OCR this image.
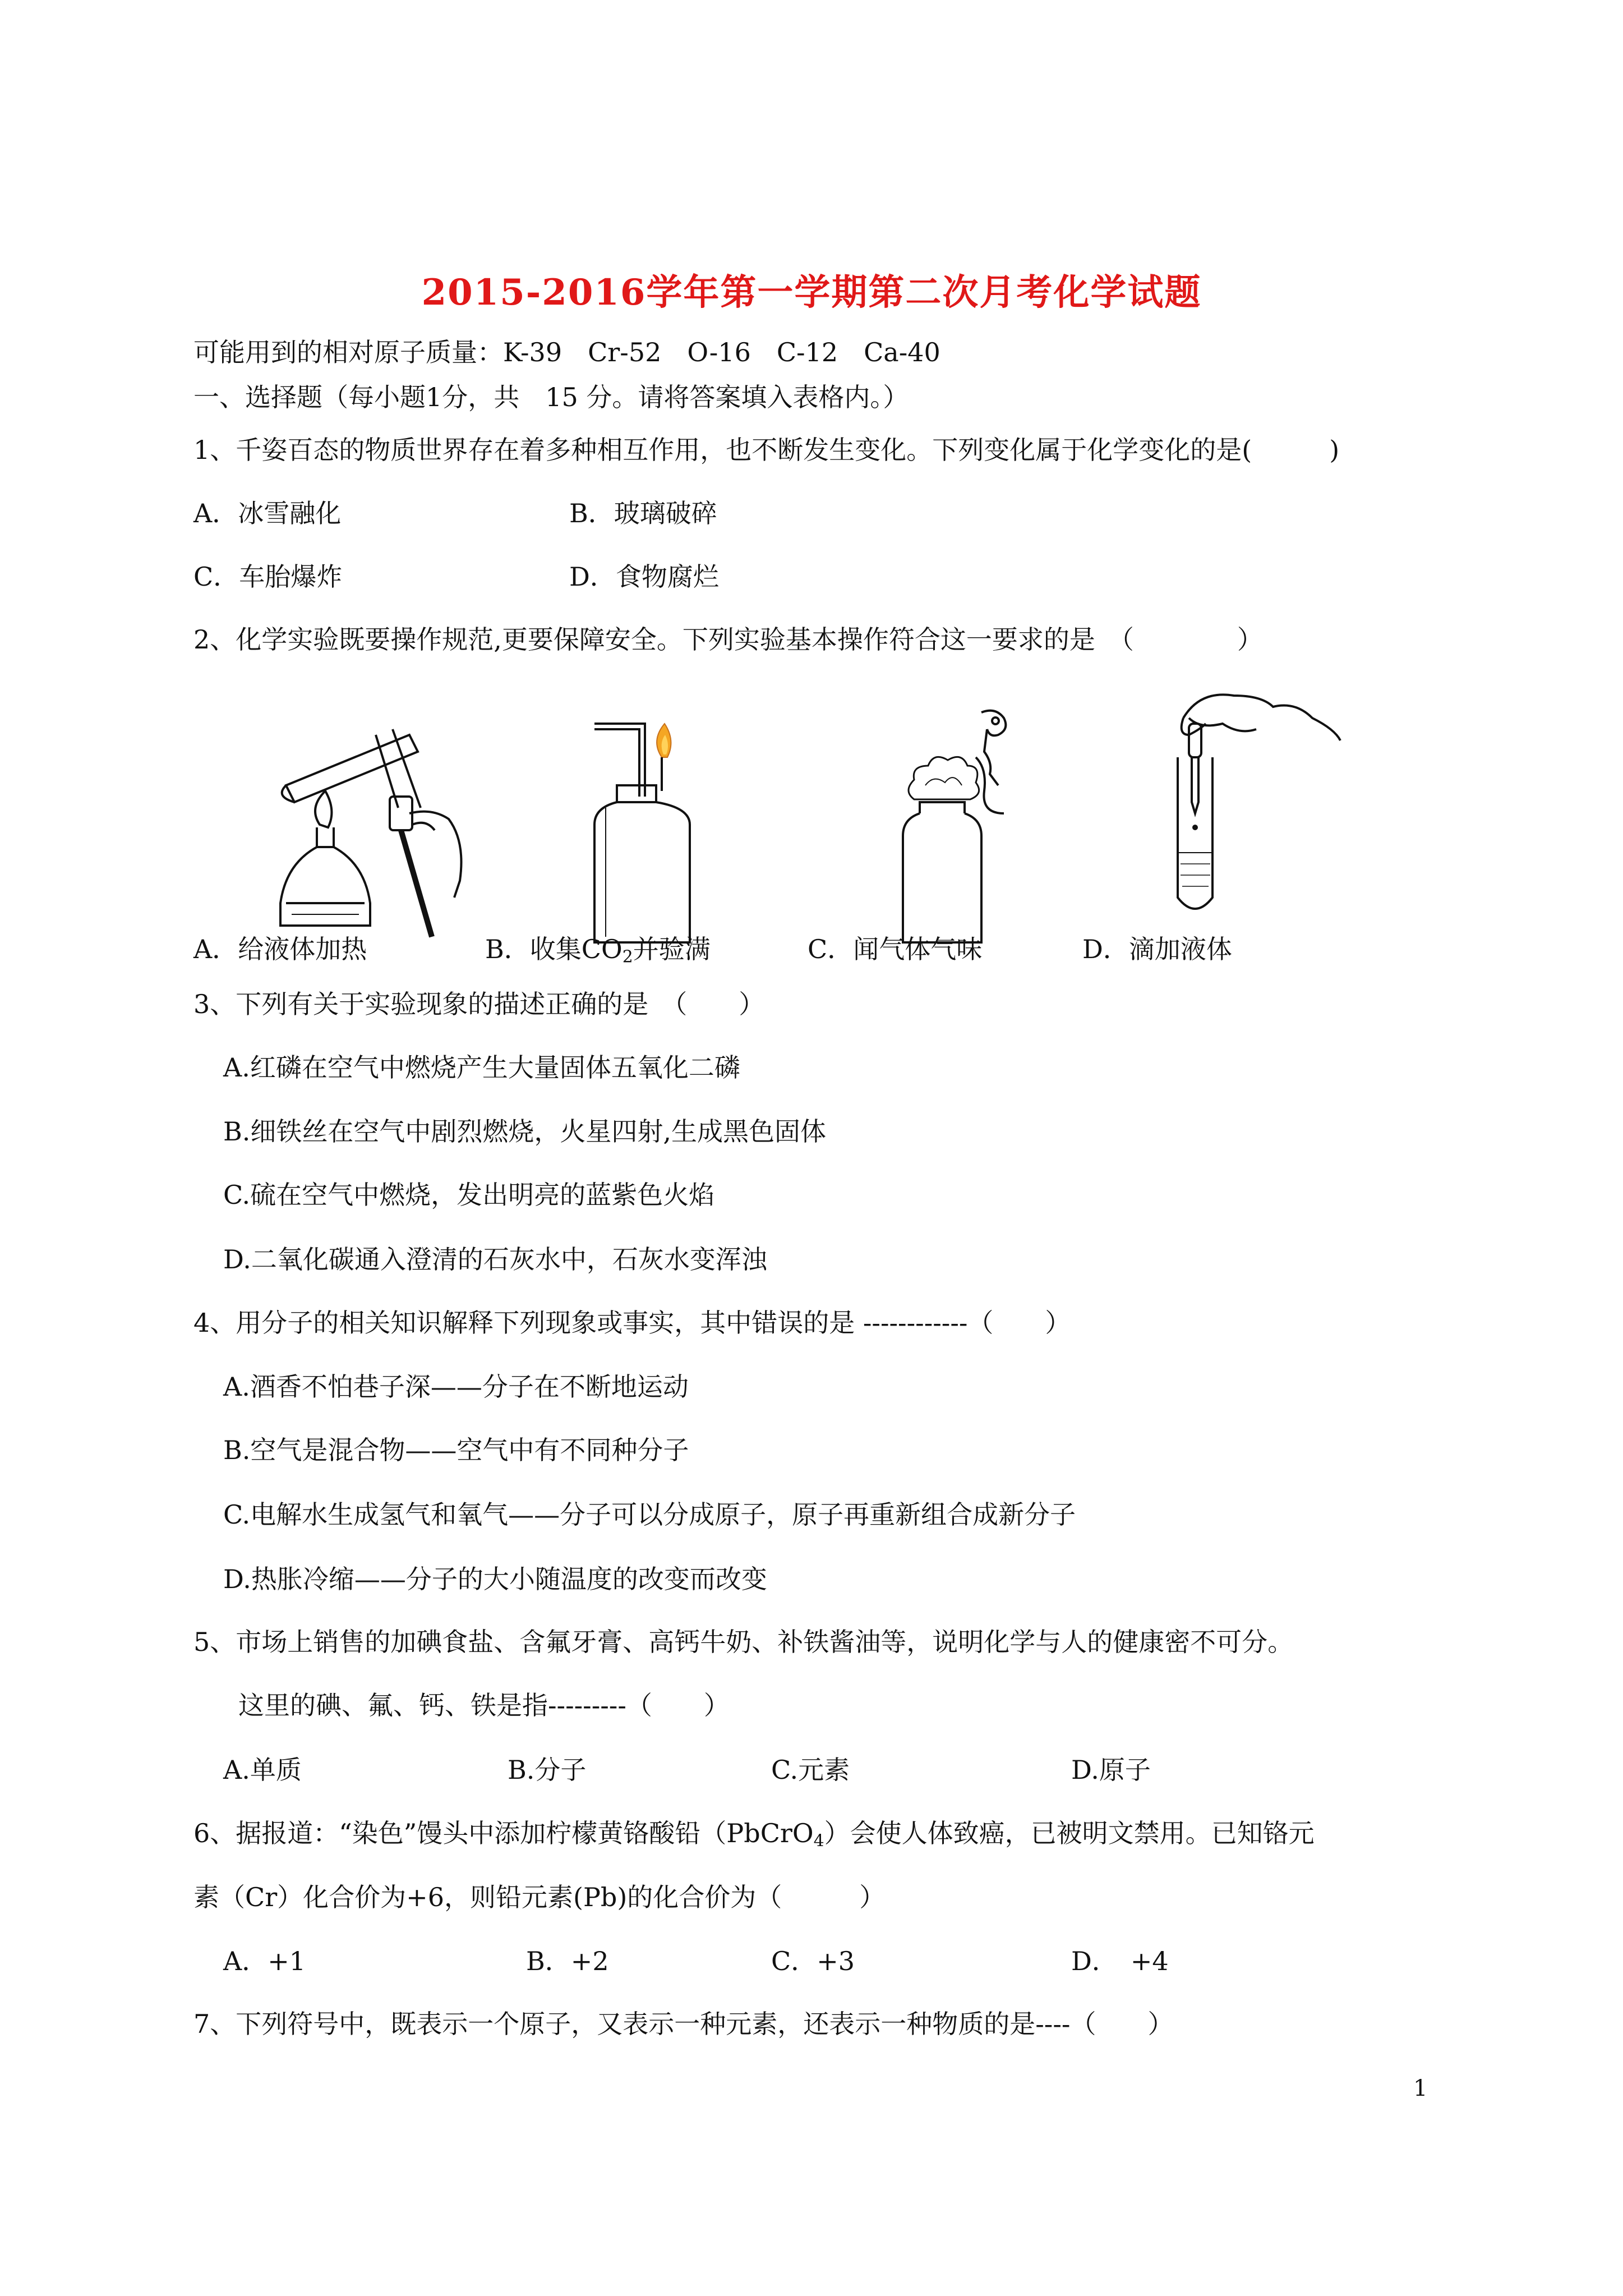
2015-2016学年第一学期第二次月考化学试题
可能用到的相对原子质量：K-39　Cr-52　O-16　C-12　Ca-40
一、选择题（每小题1分，共　15 分。请将答案填入表格内。）
1、千姿百态的物质世界存在着多种相互作用，也不断发生变化。下列变化属于化学变化的是(　　　)
A．冰雪融化	B．玻璃破碎
C．车胎爆炸	D．食物腐烂
2、化学实验既要操作规范,更要保障安全。下列实验基本操作符合这一要求的是　（　　　　）
A．给液体加热	B．收集$CO_2$并验满	C．闻气体气味	D．滴加液体
3、下列有关于实验现象的描述正确的是　（　　）
A.红磷在空气中燃烧产生大量固体五氧化二磷
B.细铁丝在空气中剧烈燃烧，火星四射,生成黑色固体
C.硫在空气中燃烧，发出明亮的蓝紫色火焰
D.二氧化碳通入澄清的石灰水中，石灰水变浑浊
4、用分子的相关知识解释下列现象或事实，其中错误的是 ------------（　　）
A.酒香不怕巷子深——分子在不断地运动
B.空气是混合物——空气中有不同种分子
C.电解水生成氢气和氧气——分子可以分成原子，原子再重新组合成新分子
D.热胀冷缩——分子的大小随温度的改变而改变
5、市场上销售的加碘食盐、含氟牙膏、高钙牛奶、补铁酱油等，说明化学与人的健康密不可分。
这里的碘、氟、钙、铁是指---------（　　）
A.单质	B.分子	C.元素	D.原子
6、据报道：“染色”馒头中添加柠檬黄铬酸铅（PbCrO$_4$）会使人体致癌，已被明文禁用。已知铬元
素（Cr）化合价为+6，则铅元素(Pb)的化合价为（　　　）
A．+1	B．+2	C．+3	D．　+4
7、下列符号中，既表示一个原子，又表示一种元素，还表示一种物质的是----（　　）
1
